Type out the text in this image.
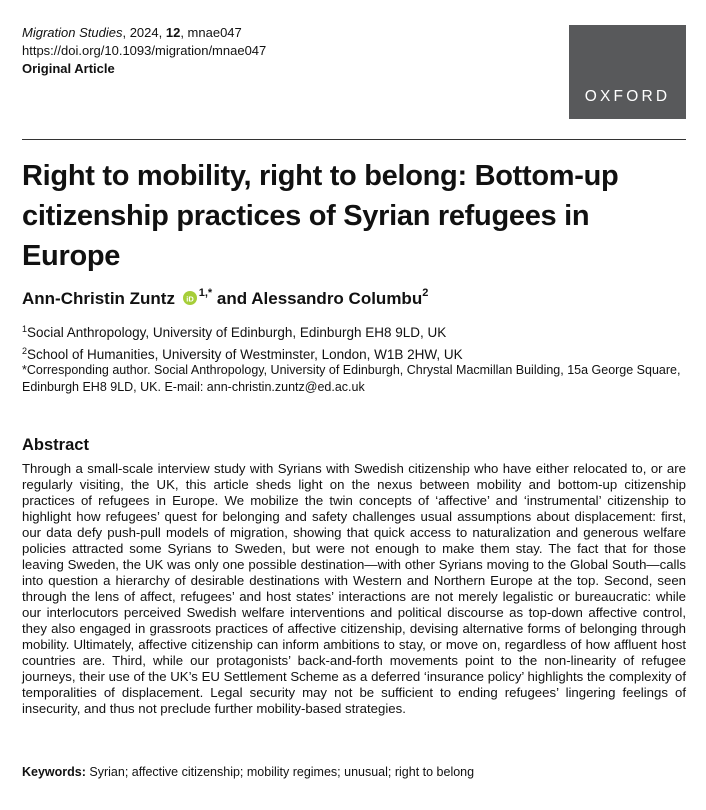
Migration Studies, 2024, 12, mnae047
https://doi.org/10.1093/migration/mnae047
Original Article
OXFORD
Right to mobility, right to belong: Bottom-up citizenship practices of Syrian refugees in Europe
Ann-Christin Zuntz iD $^{1,*}$ and Alessandro Columbu$^2$
$^1$Social Anthropology, University of Edinburgh, Edinburgh EH8 9LD, UK
$^2$School of Humanities, University of Westminster, London, W1B 2HW, UK
*Corresponding author. Social Anthropology, University of Edinburgh, Chrystal Macmillan Building, 15a George Square, Edinburgh EH8 9LD, UK. E-mail: ann-christin.zuntz@ed.ac.uk
Abstract

Through a small-scale interview study with Syrians with Swedish citizenship who have either relocated to, or are regularly visiting, the UK, this article sheds light on the nexus between mobility and bottom-up citizenship practices of refugees in Europe. We mobilize the twin concepts of ‘affective’ and ‘instrumental’ citizenship to highlight how refugees’ quest for belonging and safety challenges usual assumptions about displacement: first, our data defy push-pull models of migration, showing that quick access to naturalization and generous welfare policies attracted some Syrians to Sweden, but were not enough to make them stay. The fact that for those leaving Sweden, the UK was only one possible destination—with other Syrians moving to the Global South—calls into question a hierarchy of desirable destinations with Western and Northern Europe at the top. Second, seen through the lens of affect, refugees’ and host states’ interactions are not merely legalistic or bureaucratic: while our interlocutors perceived Swedish welfare interventions and political discourse as top-down affective control, they also engaged in grassroots practices of affective citizenship, devising alternative forms of belonging through mobility. Ultimately, affective citizenship can inform ambitions to stay, or move on, regardless of how affluent host countries are. Third, while our protagonists’ back-and-forth movements point to the non-linearity of refugee journeys, their use of the UK’s EU Settlement Scheme as a deferred ‘insurance policy’ highlights the complexity of temporalities of displacement. Legal security may not be sufficient to ending refugees’ lingering feelings of insecurity, and thus not preclude further mobility-based strategies.

Keywords: Syrian; affective citizenship; mobility regimes; unusual; right to belong
